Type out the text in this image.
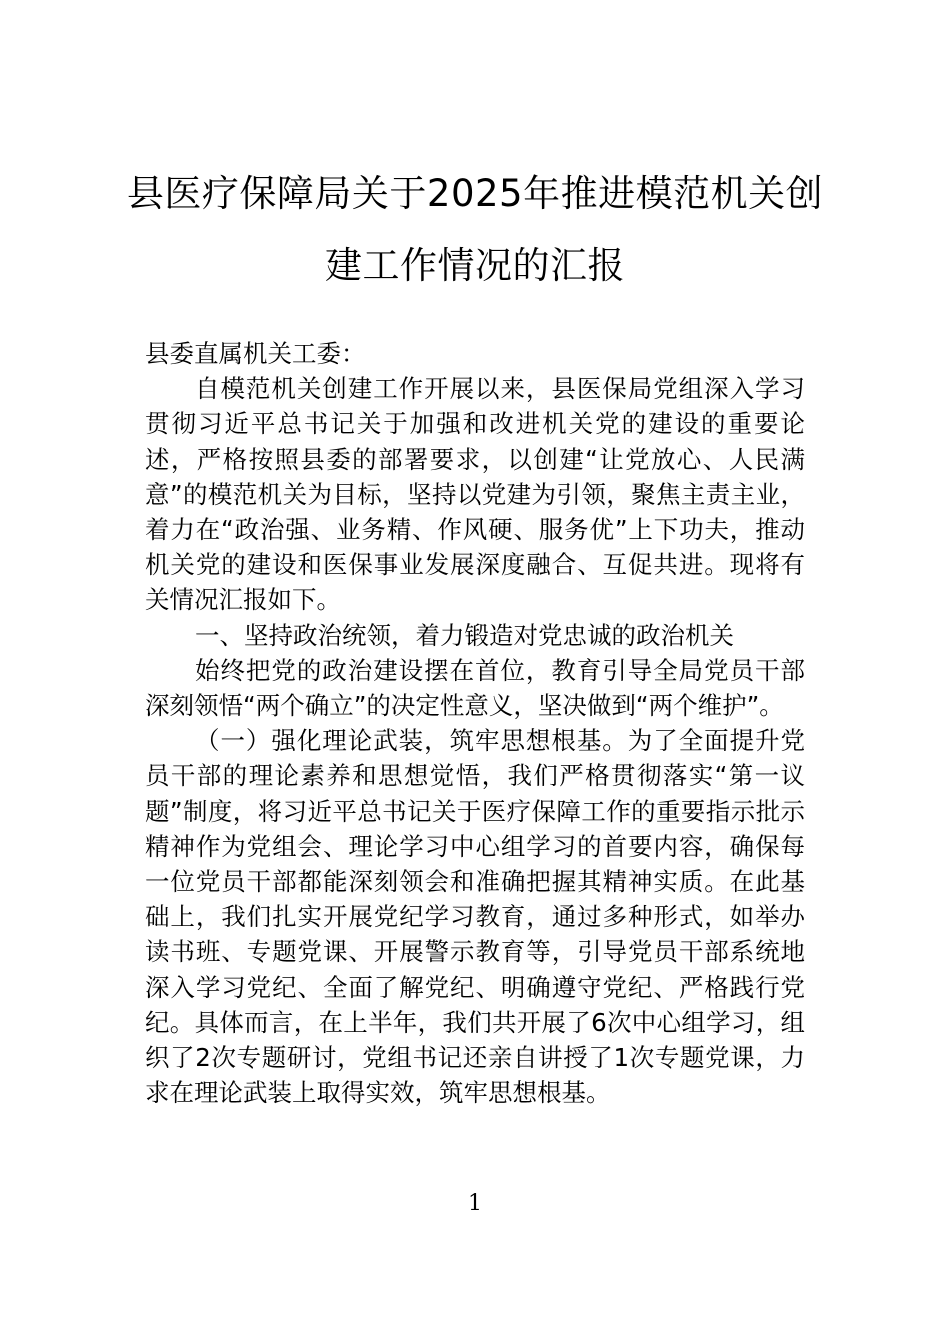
县医疗保障局关于2025年推进模范机关创
建工作情况的汇报

县委直属机关工委：

自模范机关创建工作开展以来，县医保局党组深入学习贯彻习近平总书记关于加强和改进机关党的建设的重要论述，严格按照县委的部署要求，以创建“让党放心、人民满意”的模范机关为目标，坚持以党建为引领，聚焦主责主业，着力在“政治强、业务精、作风硬、服务优”上下功夫，推动机关党的建设和医保事业发展深度融合、互促共进。现将有关情况汇报如下。

一、坚持政治统领，着力锻造对党忠诚的政治机关

始终把党的政治建设摆在首位，教育引导全局党员干部深刻领悟“两个确立”的决定性意义，坚决做到“两个维护”。

（一）强化理论武装，筑牢思想根基。为了全面提升党员干部的理论素养和思想觉悟，我们严格贯彻落实“第一议题”制度，将习近平总书记关于医疗保障工作的重要指示批示精神作为党组会、理论学习中心组学习的首要内容，确保每一位党员干部都能深刻领会和准确把握其精神实质。在此基础上，我们扎实开展党纪学习教育，通过多种形式，如举办读书班、专题党课、开展警示教育等，引导党员干部系统地深入学习党纪、全面了解党纪、明确遵守党纪、严格践行党纪。具体而言，在上半年，我们共开展了6次中心组学习，组织了2次专题研讨，党组书记还亲自讲授了1次专题党课，力求在理论武装上取得实效，筑牢思想根基。

1
